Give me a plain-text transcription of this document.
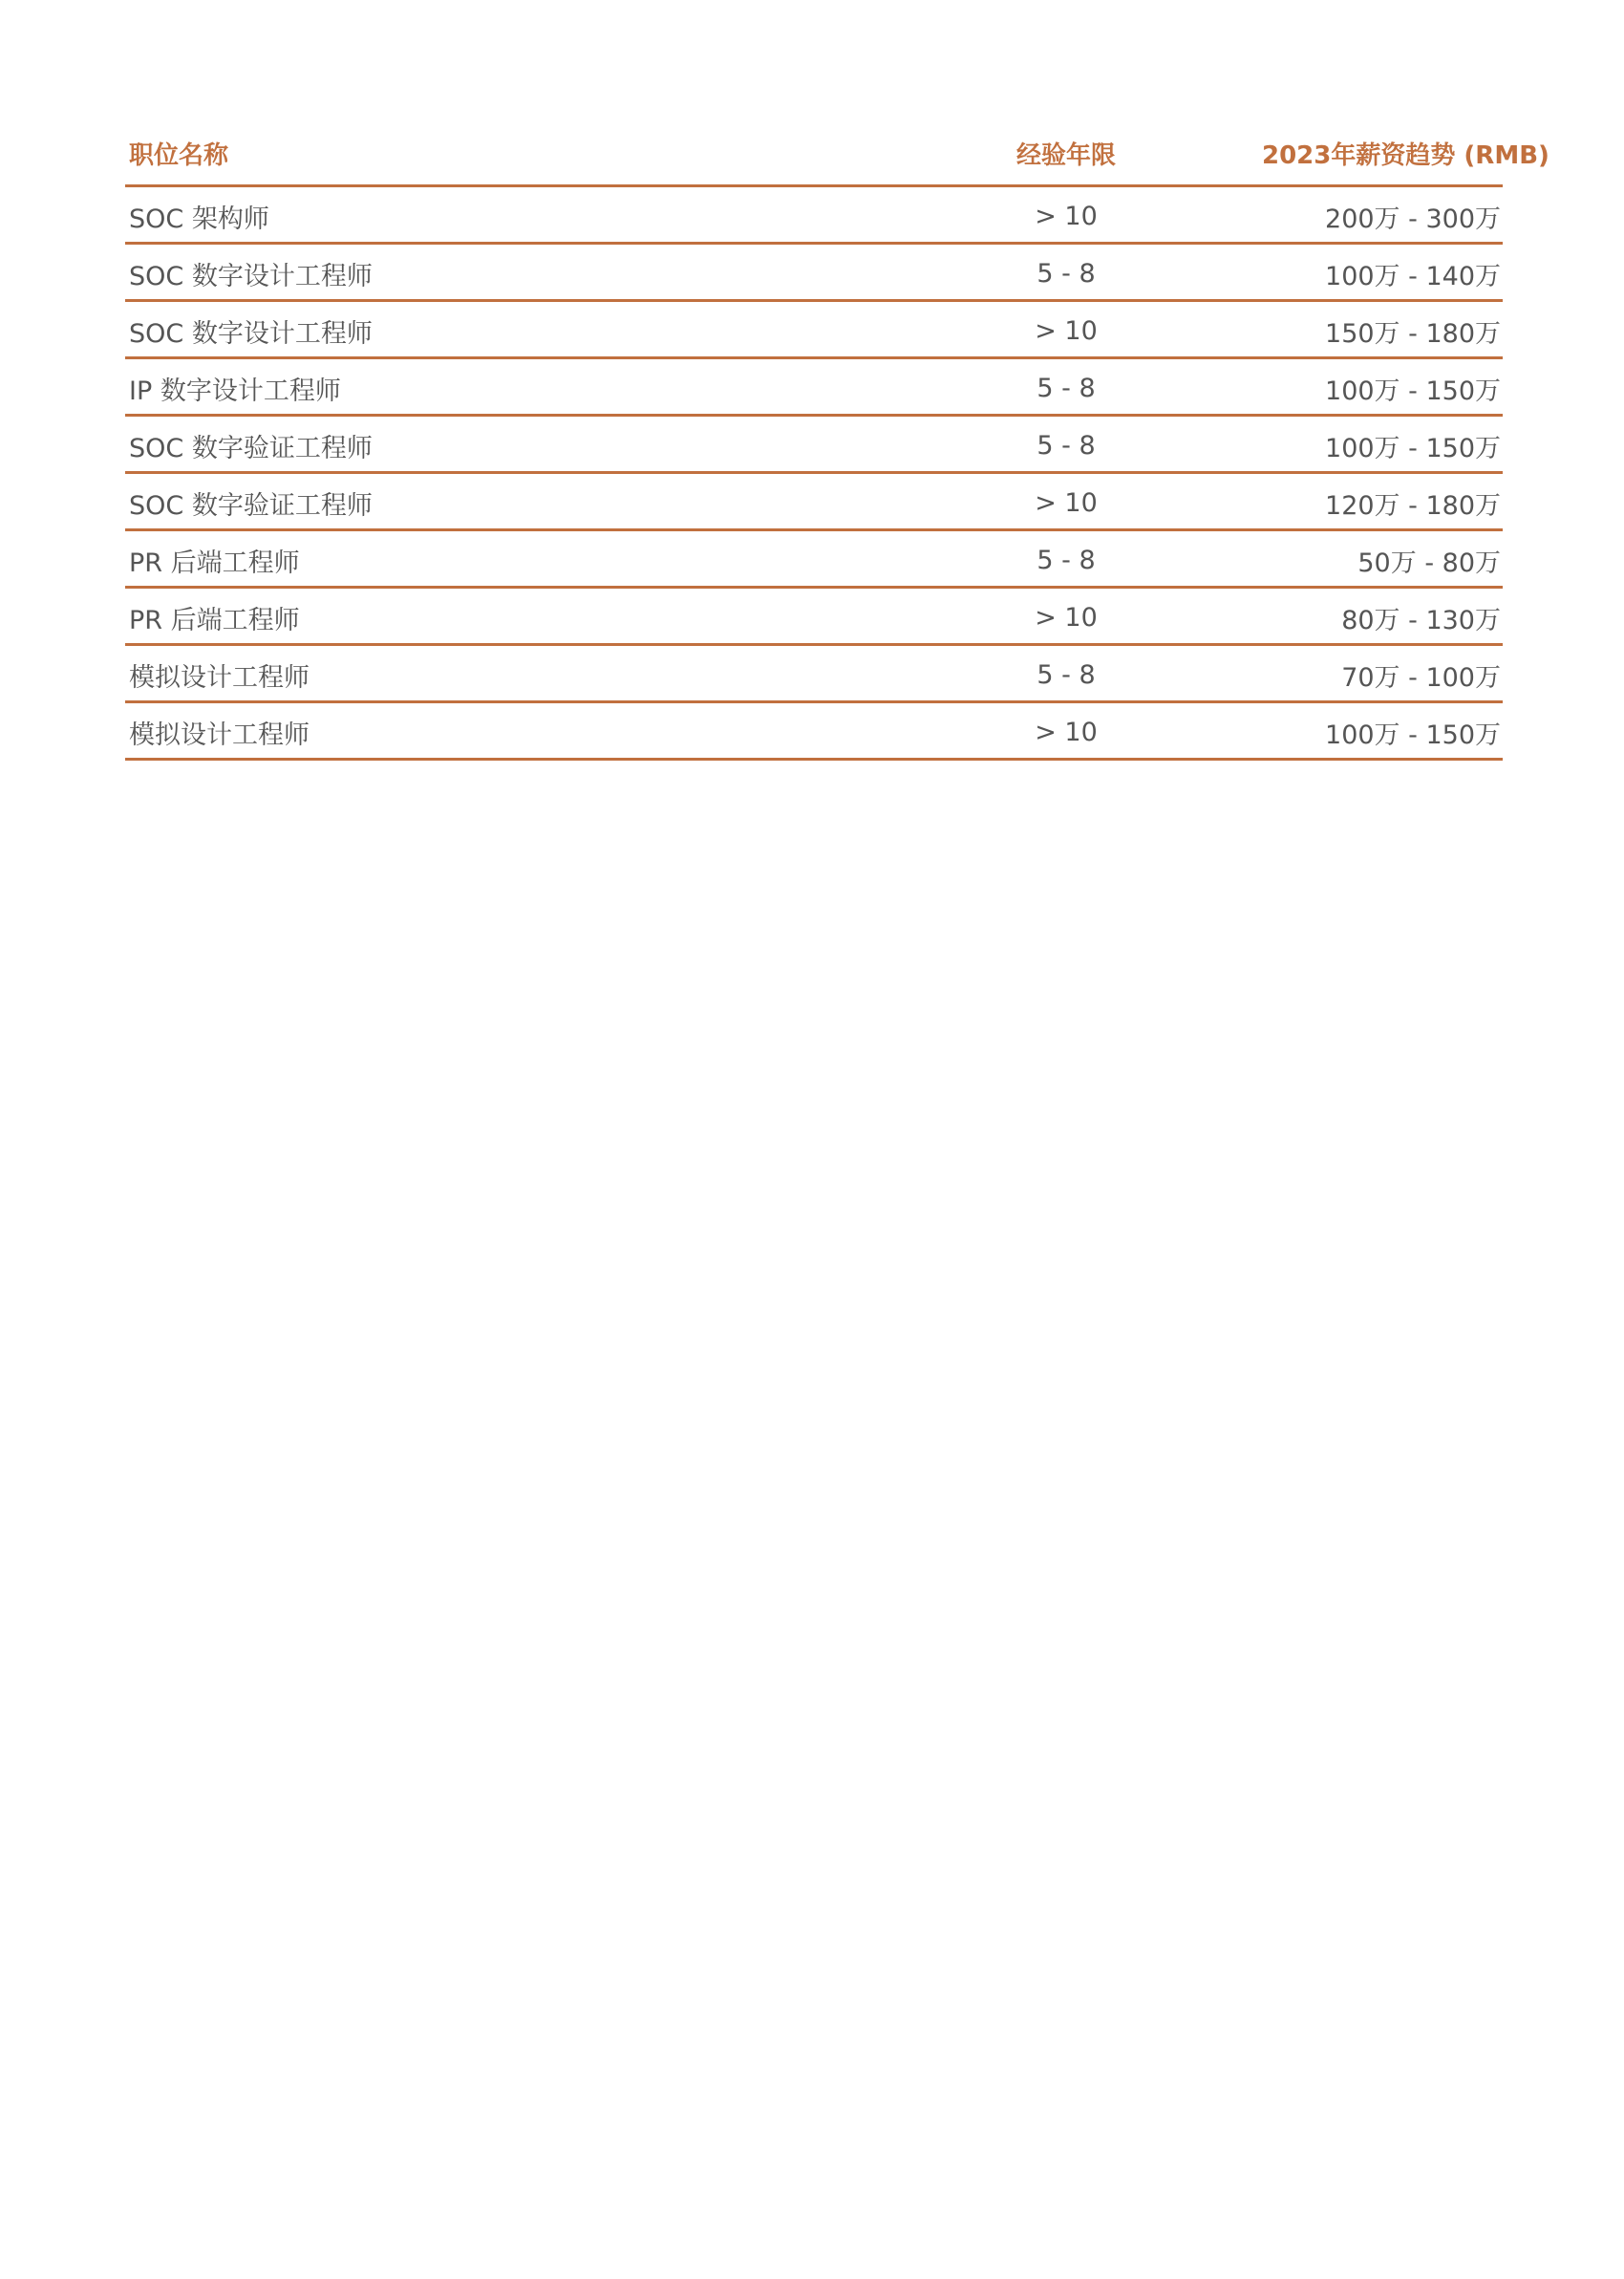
职位名称	经验年限	2023年薪资趋势 (RMB)
SOC 架构师	> 10	200万 - 300万
SOC 数字设计工程师	5 - 8	100万 - 140万
SOC 数字设计工程师	> 10	150万 - 180万
IP 数字设计工程师	5 - 8	100万 - 150万
SOC 数字验证工程师	5 - 8	100万 - 150万
SOC 数字验证工程师	> 10	120万 - 180万
PR 后端工程师	5 - 8	50万 - 80万
PR 后端工程师	> 10	80万 - 130万
模拟设计工程师	5 - 8	70万 - 100万
模拟设计工程师	> 10	100万 - 150万
